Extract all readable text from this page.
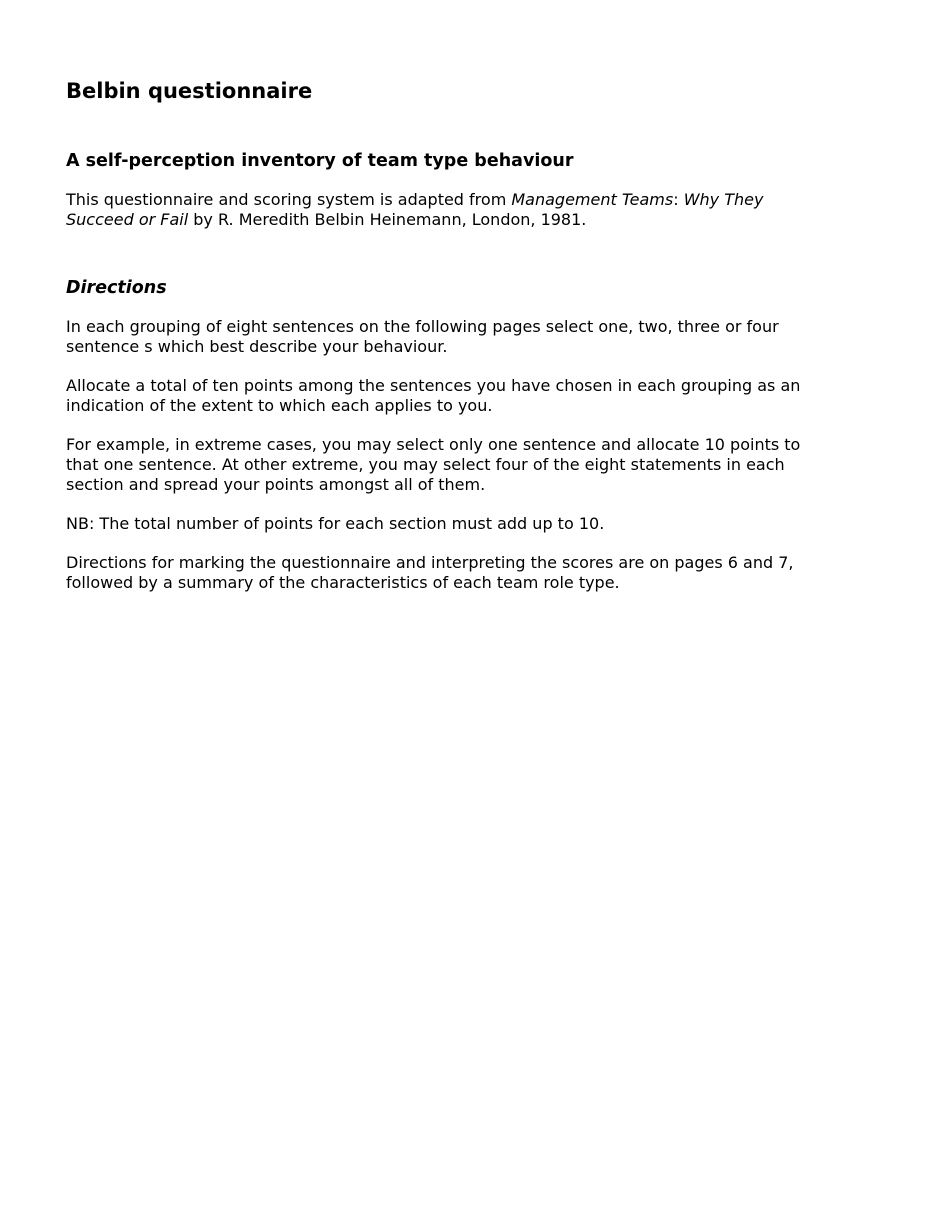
Belbin questionnaire
A self-perception inventory of team type behaviour

This questionnaire and scoring system is adapted from Management Teams: Why They
Succeed or Fail by R. Meredith Belbin Heinemann, London, 1981.

Directions

In each grouping of eight sentences on the following pages select one, two, three or four
sentence s which best describe your behaviour.

Allocate a total of ten points among the sentences you have chosen in each grouping as an
indication of the extent to which each applies to you.

For example, in extreme cases, you may select only one sentence and allocate 10 points to
that one sentence. At other extreme, you may select four of the eight statements in each
section and spread your points amongst all of them.

NB: The total number of points for each section must add up to 10.

Directions for marking the questionnaire and interpreting the scores are on pages 6 and 7,
followed by a summary of the characteristics of each team role type.
